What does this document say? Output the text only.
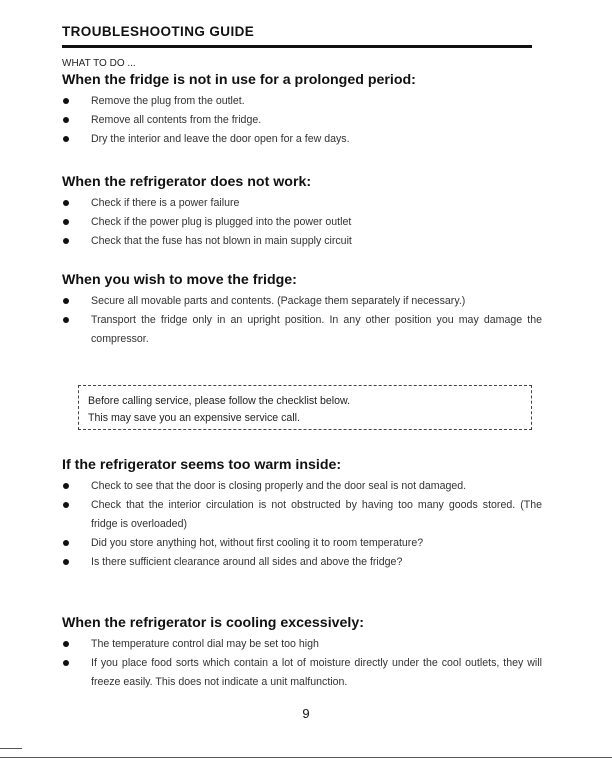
TROUBLESHOOTING GUIDE
WHAT TO DO ...
When the fridge is not in use for a prolonged period:
Remove the plug from the outlet.
Remove all contents from the fridge.
Dry the interior and leave the door open for a few days.
When the refrigerator does not work:
Check if there is a power failure
Check if the power plug is plugged into the power outlet
Check that the fuse has not blown in main supply circuit
When you wish to move the fridge:
Secure all movable parts and contents. (Package them separately if necessary.)
Transport the fridge only in an upright position. In any other position you may damage the compressor.
Before calling service, please follow the checklist below.
This may save you an expensive service call.
If the refrigerator seems too warm inside:
Check to see that the door is closing properly and the door seal is not damaged.
Check that the interior circulation is not obstructed by having too many goods stored. (The fridge is overloaded)
Did you store anything hot, without first cooling it to room temperature?
Is there sufficient clearance around all sides and above the fridge?
When the refrigerator is cooling excessively:
The temperature control dial may be set too high
If you place food sorts which contain a lot of moisture directly under the cool outlets, they will freeze easily. This does not indicate a unit malfunction.
9
